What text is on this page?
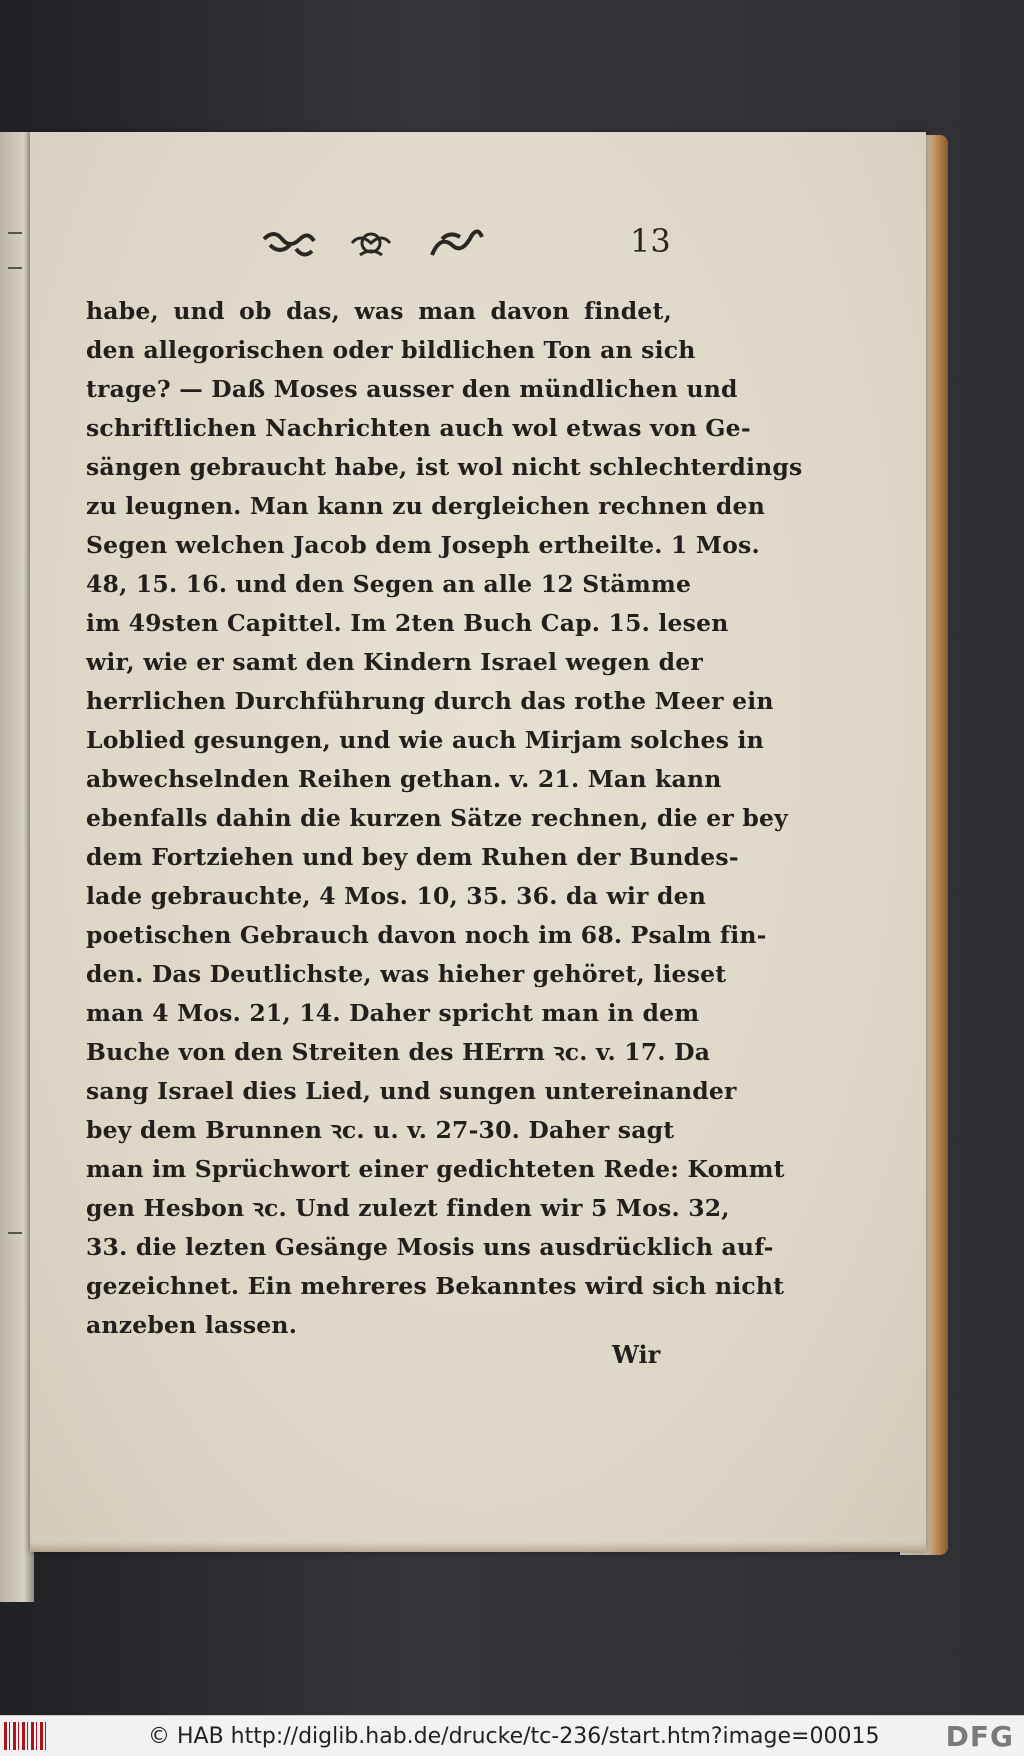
13
habe, und ob das, was man davon findet,
den allegorischen oder bildlichen Ton an sich
trage? — Daß Moses ausser den mündlichen und
schriftlichen Nachrichten auch wol etwas von Ge-
sängen gebraucht habe, ist wol nicht schlechterdings
zu leugnen. Man kann zu dergleichen rechnen den
Segen welchen Jacob dem Joseph ertheilte. 1 Mos.
48, 15. 16. und den Segen an alle 12 Stämme
im 49sten Capittel. Im 2ten Buch Cap. 15. lesen
wir, wie er samt den Kindern Israel wegen der
herrlichen Durchführung durch das rothe Meer ein
Loblied gesungen, und wie auch Mirjam solches in
abwechselnden Reihen gethan. v. 21. Man kann
ebenfalls dahin die kurzen Sätze rechnen, die er bey
dem Fortziehen und bey dem Ruhen der Bundes-
lade gebrauchte, 4 Mos. 10, 35. 36. da wir den
poetischen Gebrauch davon noch im 68. Psalm fin-
den. Das Deutlichste, was hieher gehöret, lieset
man 4 Mos. 21, 14. Daher spricht man in dem
Buche von den Streiten des HErrn ꝛc. v. 17. Da
sang Israel dies Lied, und sungen untereinander
bey dem Brunnen ꝛc. u. v. 27-30. Daher sagt
man im Sprüchwort einer gedichteten Rede: Kommt
gen Hesbon ꝛc. Und zulezt finden wir 5 Mos. 32,
33. die lezten Gesänge Mosis uns ausdrücklich auf-
gezeichnet. Ein mehreres Bekanntes wird sich nicht
anzeben lassen.
Wir
© HAB http://diglib.hab.de/drucke/tc-236/start.htm?image=00015 DFG
